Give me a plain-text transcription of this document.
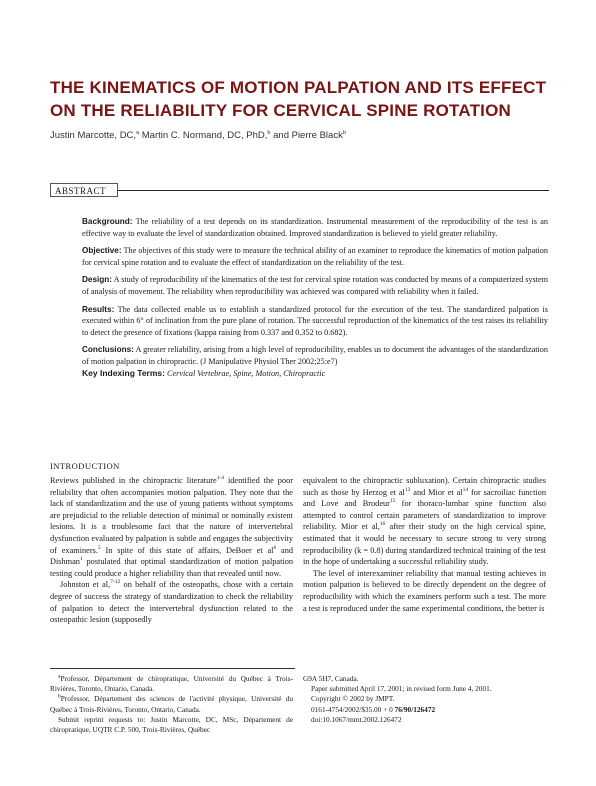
THE KINEMATICS OF MOTION PALPATION AND ITS EFFECT
ON THE RELIABILITY FOR CERVICAL SPINE ROTATION
Justin Marcotte, DC,$^a$ Martin C. Normand, DC, PhD,$^b$ and Pierre Black$^b$
ABSTRACT

Background: The reliability of a test depends on its standardization. Instrumental measurement of the reproducibility of the test is an effective way to evaluate the level of standardization obtained. Improved standardization is believed to yield greater reliability.

Objective: The objectives of this study were to measure the technical ability of an examiner to reproduce the kinematics of motion palpation for cervical spine rotation and to evaluate the effect of standardization on the reliability of the test.

Design: A study of reproducibility of the kinematics of the test for cervical spine rotation was conducted by means of a computerized system of analysis of movement. The reliability when reproducibility was achieved was compared with reliability when it failed.

Results: The data collected enable us to establish a standardized protocol for the execution of the test. The standardized palpation is executed within 6° of inclination from the pure plane of rotation. The successful reproduction of the kinematics of the test raises its reliability to detect the presence of fixations (kappa raising from 0.337 and 0.352 to 0.682).

Conclusions: A greater reliability, arising from a high level of reproducibility, enables us to document the advantages of the standardization of motion palpation in chiropractic. (J Manipulative Physiol Ther 2002;25:e7)

Key Indexing Terms: Cervical Vertebrae, Spine, Motion, Chiropractic

INTRODUCTION

Reviews published in the chiropractic literature$^{1-4}$ identified the poor reliability that often accompanies motion palpation. They note that the lack of standardization and the use of young patients without symptoms are prejudicial to the reliable detection of minimal or nominally existent lesions. It is a troublesome fact that the nature of intervertebral dysfunction evaluated by palpation is subtle and engages the subjectivity of examiners.$^5$ In spite of this state of affairs, DeBoer et $al^6$ and Dishman$^1$ postulated that optimal standardization of motion palpation testing could produce a higher reliability than that revealed until now.

Johnston et al,$^{7-12}$ on behalf of the osteopaths, chose with a certain degree of success the strategy of standardization to check the reliability of palpation to detect the intervertebral dysfunction related to the osteopathic lesion (supposedly

equivalent to the chiropractic subluxation). Certain chiropractic studies such as those by Herzog et $al^{13}$ and Mior et $al^{14}$ for sacroiliac function and Love and Brodeur$^{15}$ for thoraco-lumbar spine function also attempted to control certain parameters of standardization to improve reliability. Mior et al,$^{16}$ after their study on the high cervical spine, estimated that it would be necessary to secure strong to very strong reproducibility (k = 0.8) during standardized technical training of the test in the hope of undertaking a successful reliability study.

The level of interexaminer reliability that manual testing achieves in motion palpation is believed to be directly dependent on the degree of reproducibility with which the examiners perform such a test. The more a test is reproduced under the same experimental conditions, the better is

$^a$Professor, Département de chiropratique, Université du Québec à Trois-Rivières, Toronto, Ontario, Canada.
$^b$Professor, Département des sciences de l'activité physique, Université du Québec à Trois-Rivières, Toronto, Ontario, Canada.
Submit reprint requests to: Justin Marcotte, DC, MSc, Département de chiropratique, UQTR C.P. 500, Trois-Rivières, Québec
G9A 5H7, Canada.
Paper submitted April 17, 2001; in revised form June 4, 2001.
Copyright © 2002 by JMPT.
0161-4754/2002/$35.00 + 0 76/90/126472
doi:10.1067/mmt.2002.126472
